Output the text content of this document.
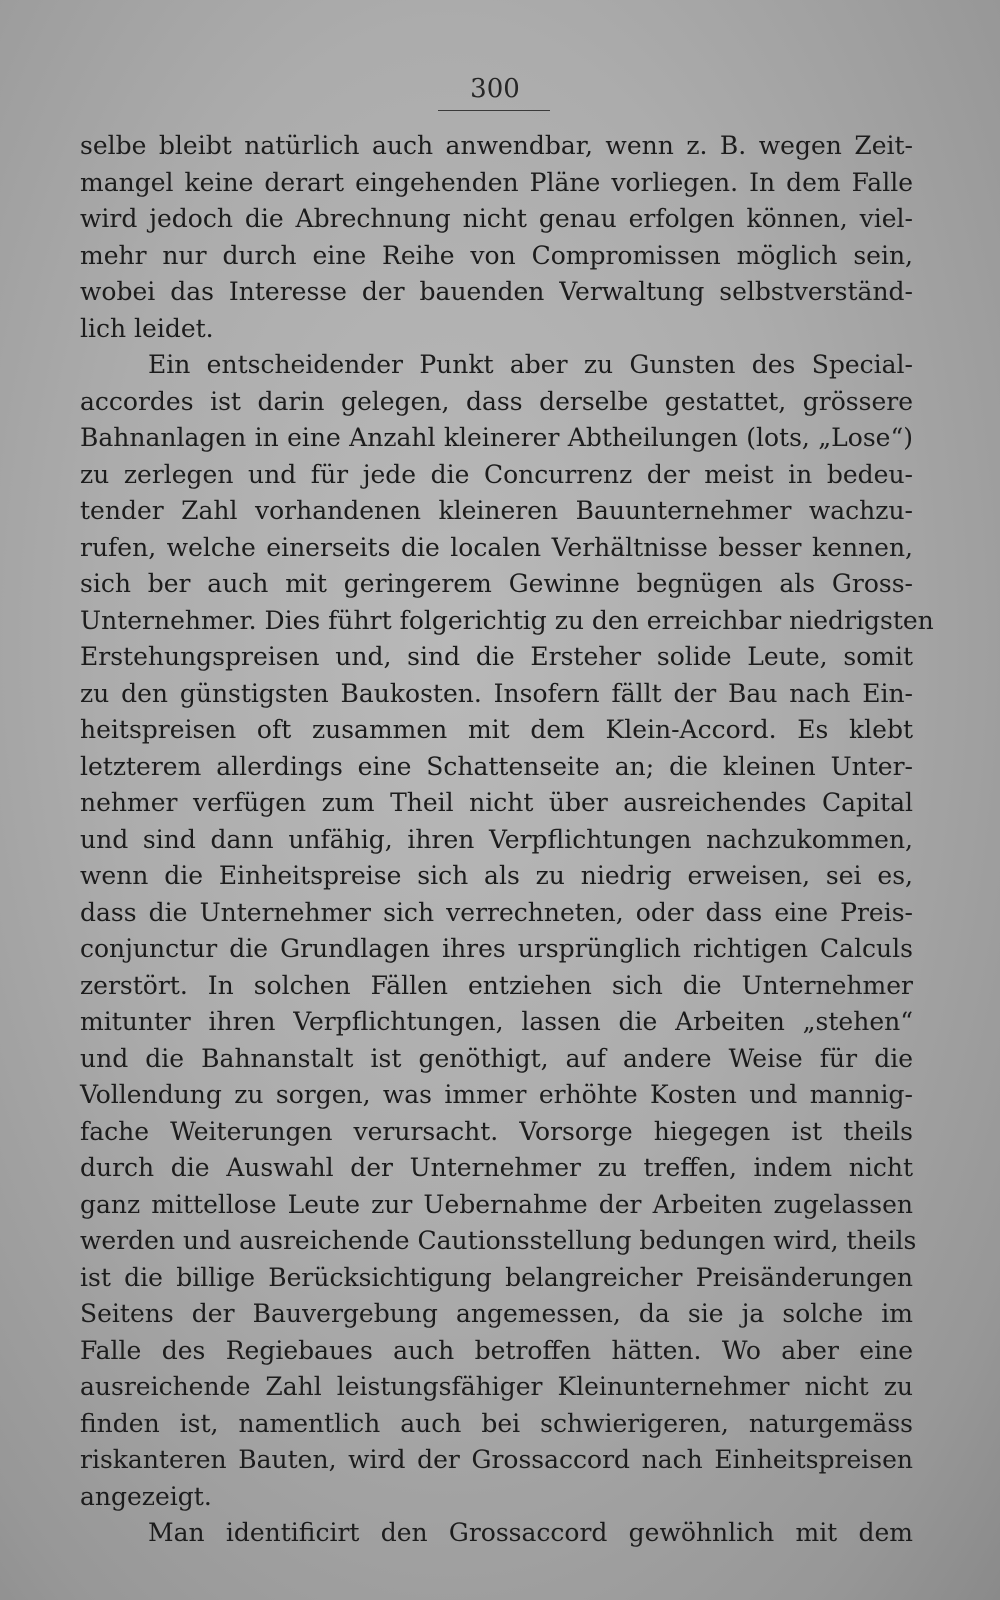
300
selbe bleibt natürlich auch anwendbar, wenn z. B. wegen Zeit-
mangel keine derart eingehenden Pläne vorliegen. In dem Falle
wird jedoch die Abrechnung nicht genau erfolgen können, viel-
mehr nur durch eine Reihe von Compromissen möglich sein,
wobei das Interesse der bauenden Verwaltung selbstverständ-
lich leidet.
Ein entscheidender Punkt aber zu Gunsten des Special-
accordes ist darin gelegen, dass derselbe gestattet, grössere
Bahnanlagen in eine Anzahl kleinerer Abtheilungen (lots, „Lose“)
zu zerlegen und für jede die Concurrenz der meist in bedeu-
tender Zahl vorhandenen kleineren Bauunternehmer wachzu-
rufen, welche einerseits die localen Verhältnisse besser kennen,
sich ber auch mit geringerem Gewinne begnügen als Gross-
Unternehmer. Dies führt folgerichtig zu den erreichbar niedrigsten
Erstehungspreisen und, sind die Ersteher solide Leute, somit
zu den günstigsten Baukosten. Insofern fällt der Bau nach Ein-
heitspreisen oft zusammen mit dem Klein-Accord. Es klebt
letzterem allerdings eine Schattenseite an; die kleinen Unter-
nehmer verfügen zum Theil nicht über ausreichendes Capital
und sind dann unfähig, ihren Verpflichtungen nachzukommen,
wenn die Einheitspreise sich als zu niedrig erweisen, sei es,
dass die Unternehmer sich verrechneten, oder dass eine Preis-
conjunctur die Grundlagen ihres ursprünglich richtigen Calculs
zerstört. In solchen Fällen entziehen sich die Unternehmer
mitunter ihren Verpflichtungen, lassen die Arbeiten „stehen“
und die Bahnanstalt ist genöthigt, auf andere Weise für die
Vollendung zu sorgen, was immer erhöhte Kosten und mannig-
fache Weiterungen verursacht. Vorsorge hiegegen ist theils
durch die Auswahl der Unternehmer zu treffen, indem nicht
ganz mittellose Leute zur Uebernahme der Arbeiten zugelassen
werden und ausreichende Cautionsstellung bedungen wird, theils
ist die billige Berücksichtigung belangreicher Preisänderungen
Seitens der Bauvergebung angemessen, da sie ja solche im
Falle des Regiebaues auch betroffen hätten. Wo aber eine
ausreichende Zahl leistungsfähiger Kleinunternehmer nicht zu
finden ist, namentlich auch bei schwierigeren, naturgemäss
riskanteren Bauten, wird der Grossaccord nach Einheitspreisen
angezeigt.
Man identificirt den Grossaccord gewöhnlich mit dem
